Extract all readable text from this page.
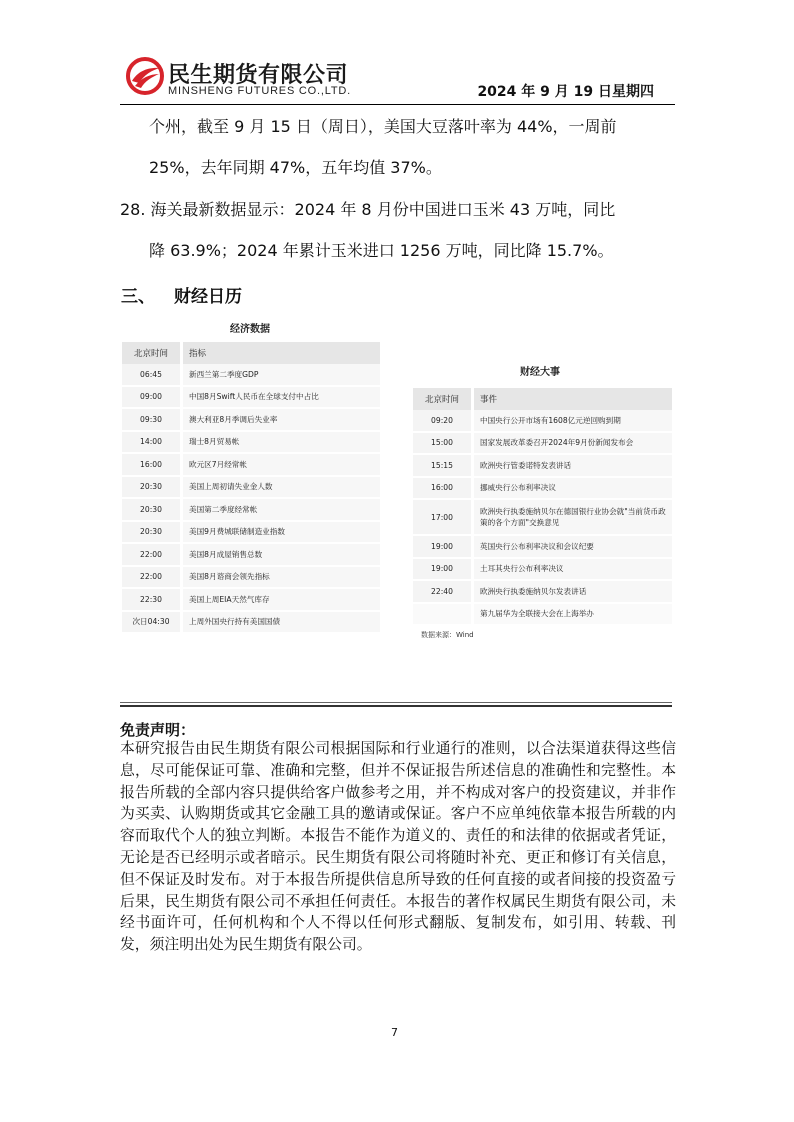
民生期货有限公司
MINSHENG FUTURES CO.,LTD.	2024 年 9 月 19 日星期四
个州，截至 9 月 15 日（周日），美国大豆落叶率为 44%，一周前
25%，去年同期 47%，五年均值 37%。
28. 海关最新数据显示：2024 年 8 月份中国进口玉米 43 万吨，同比
降 63.9%；2024 年累计玉米进口 1256 万吨，同比降 15.7%。
三、 财经日历
经济数据
北京时间	指标
06:45	新西兰第二季度GDP
09:00	中国8月Swift人民币在全球支付中占比
09:30	澳大利亚8月季调后失业率
14:00	瑞士8月贸易帐
16:00	欧元区7月经常帐
20:30	美国上周初请失业金人数
20:30	美国第二季度经常帐
20:30	美国9月费城联储制造业指数
22:00	美国8月成屋销售总数
22:00	美国8月谘商会领先指标
22:30	美国上周EIA天然气库存
次日04:30	上周外国央行持有美国国债
财经大事
北京时间	事件
09:20	中国央行公开市场有1608亿元逆回购到期
15:00	国家发展改革委召开2024年9月份新闻发布会
15:15	欧洲央行管委诺特发表讲话
16:00	挪威央行公布利率决议
17:00	欧洲央行执委施纳贝尔在德国银行业协会就"当前货币政策的各个方面"交换意见
19:00	英国央行公布利率决议和会议纪要
19:00	土耳其央行公布利率决议
22:40	欧洲央行执委施纳贝尔发表讲话
	第九届华为全联接大会在上海举办
数据来源：Wind
免责声明：
本研究报告由民生期货有限公司根据国际和行业通行的准则，以合法渠道获得这些信息，尽可能保证可靠、准确和完整，但并不保证报告所述信息的准确性和完整性。本报告所载的全部内容只提供给客户做参考之用，并不构成对客户的投资建议，并非作为买卖、认购期货或其它金融工具的邀请或保证。客户不应单纯依靠本报告所载的内容而取代个人的独立判断。本报告不能作为道义的、责任的和法律的依据或者凭证，无论是否已经明示或者暗示。民生期货有限公司将随时补充、更正和修订有关信息，但不保证及时发布。对于本报告所提供信息所导致的任何直接的或者间接的投资盈亏后果，民生期货有限公司不承担任何责任。本报告的著作权属民生期货有限公司，未经书面许可，任何机构和个人不得以任何形式翻版、复制发布，如引用、转载、刊发，须注明出处为民生期货有限公司。
7
